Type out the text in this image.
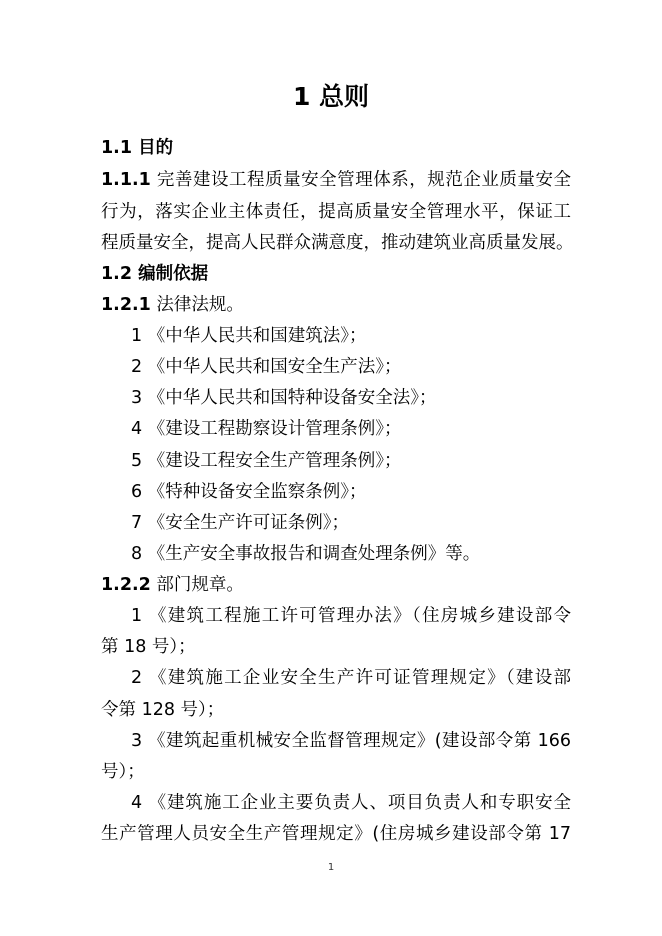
1 总则
1.1 目的
1.1.1 完善建设工程质量安全管理体系，规范企业质量安全
行为，落实企业主体责任，提高质量安全管理水平，保证工
程质量安全，提高人民群众满意度，推动建筑业高质量发展。
1.2 编制依据
1.2.1 法律法规。
1 《中华人民共和国建筑法》；
2 《中华人民共和国安全生产法》；
3 《中华人民共和国特种设备安全法》；
4 《建设工程勘察设计管理条例》；
5 《建设工程安全生产管理条例》；
6 《特种设备安全监察条例》；
7 《安全生产许可证条例》；
8 《生产安全事故报告和调查处理条例》等。
1.2.2 部门规章。
1 《建筑工程施工许可管理办法》（住房城乡建设部令
第 18 号）；
2 《建筑施工企业安全生产许可证管理规定》（建设部
令第 128 号）；
3 《建筑起重机械安全监督管理规定》(建设部令第 166
号）；
4 《建筑施工企业主要负责人、项目负责人和专职安全
生产管理人员安全生产管理规定》(住房城乡建设部令第 17
1
